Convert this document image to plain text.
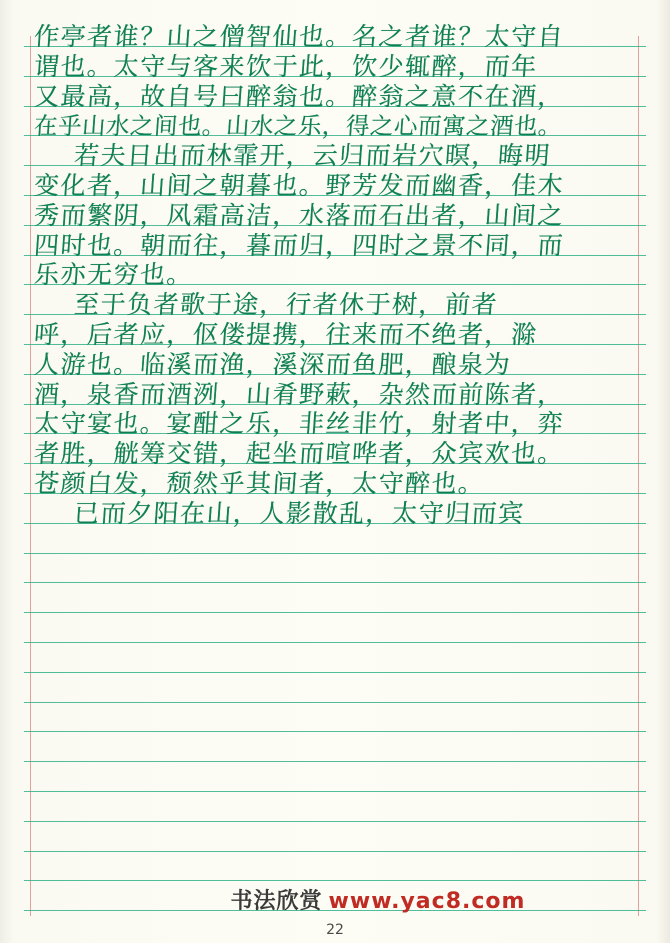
作亭者谁？山之僧智仙也。名之者谁？太守自
谓也。太守与客来饮于此，饮少辄醉，而年
又最高，故自号曰醉翁也。醉翁之意不在酒，
在乎山水之间也。山水之乐，得之心而寓之酒也。
若夫日出而林霏开，云归而岩穴暝，晦明
变化者，山间之朝暮也。野芳发而幽香，佳木
秀而繁阴，风霜高洁，水落而石出者，山间之
四时也。朝而往，暮而归，四时之景不同，而
乐亦无穷也。
至于负者歌于途，行者休于树，前者
呼，后者应，伛偻提携，往来而不绝者，滁
人游也。临溪而渔，溪深而鱼肥，酿泉为
酒，泉香而酒洌，山肴野蔌，杂然而前陈者，
太守宴也。宴酣之乐，非丝非竹，射者中，弈
者胜，觥筹交错，起坐而喧哗者，众宾欢也。
苍颜白发，颓然乎其间者，太守醉也。
已而夕阳在山，人影散乱，太守归而宾
书法欣赏 www.yac8.com
22
